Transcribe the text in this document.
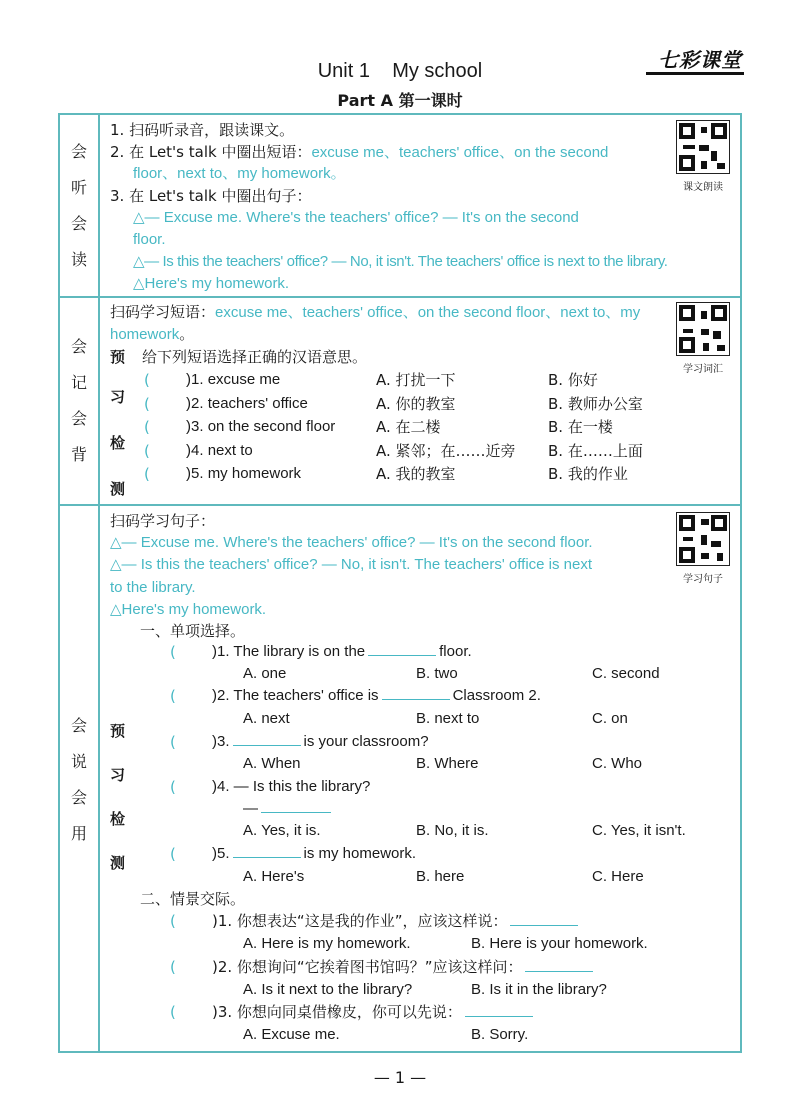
七彩课堂
Unit 1    My school
Part A 第一课时
会
听
会
读
课文朗读
1. 扫码听录音，跟读课文。
2. 在 Let's talk 中圈出短语：excuse me、teachers' office、on the second
floor、next to、my homework。
3. 在 Let's talk 中圈出句子：
△— Excuse me. Where's the teachers' office? — It's on the second
floor.
△— Is this the teachers' office? — No, it isn't. The teachers' office is next to the library.
△Here's my homework.
会
记
会
背
学习词汇
扫码学习短语：excuse me、teachers' office、on the second floor、next to、my
homework。
预
习
检
测
给下列短语选择正确的汉语意思。
( )1. excuse me	A. 打扰一下	B. 你好
( )2. teachers' office	A. 你的教室	B. 教师办公室
( )3. on the second floor	A. 在二楼	B. 在一楼
( )4. next to	A. 紧邻；在……近旁 B. 在……上面
( )5. my homework	A. 我的教室	B. 我的作业
会
说
会
用
学习句子
扫码学习句子：
△— Excuse me. Where's the teachers' office? — It's on the second floor.
△— Is this the teachers' office? — No, it isn't. The teachers' office is next
to the library.
△Here's my homework.
一、单项选择。
预
习
检
测
( )1. The library is on the	floor.
A. one	B. two	C. second
( )2. The teachers' office is	Classroom 2.
A. next	B. next to	C. on
( )3.	is your classroom?
A. When	B. Where	C. Who
( )4. — Is this the library?
—
A. Yes, it is.	B. No, it is.	C. Yes, it isn't.
( )5.	is my homework.
A. Here's	B. here	C. Here
二、情景交际。
( )1. 你想表达“这是我的作业”，应该这样说：
A. Here is my homework.	B. Here is your homework.
( )2. 你想询问“它挨着图书馆吗？”应该这样问：
A. Is it next to the library?	B. Is it in the library?
( )3. 你想向同桌借橡皮，你可以先说：
A. Excuse me.	B. Sorry.
— 1 —
